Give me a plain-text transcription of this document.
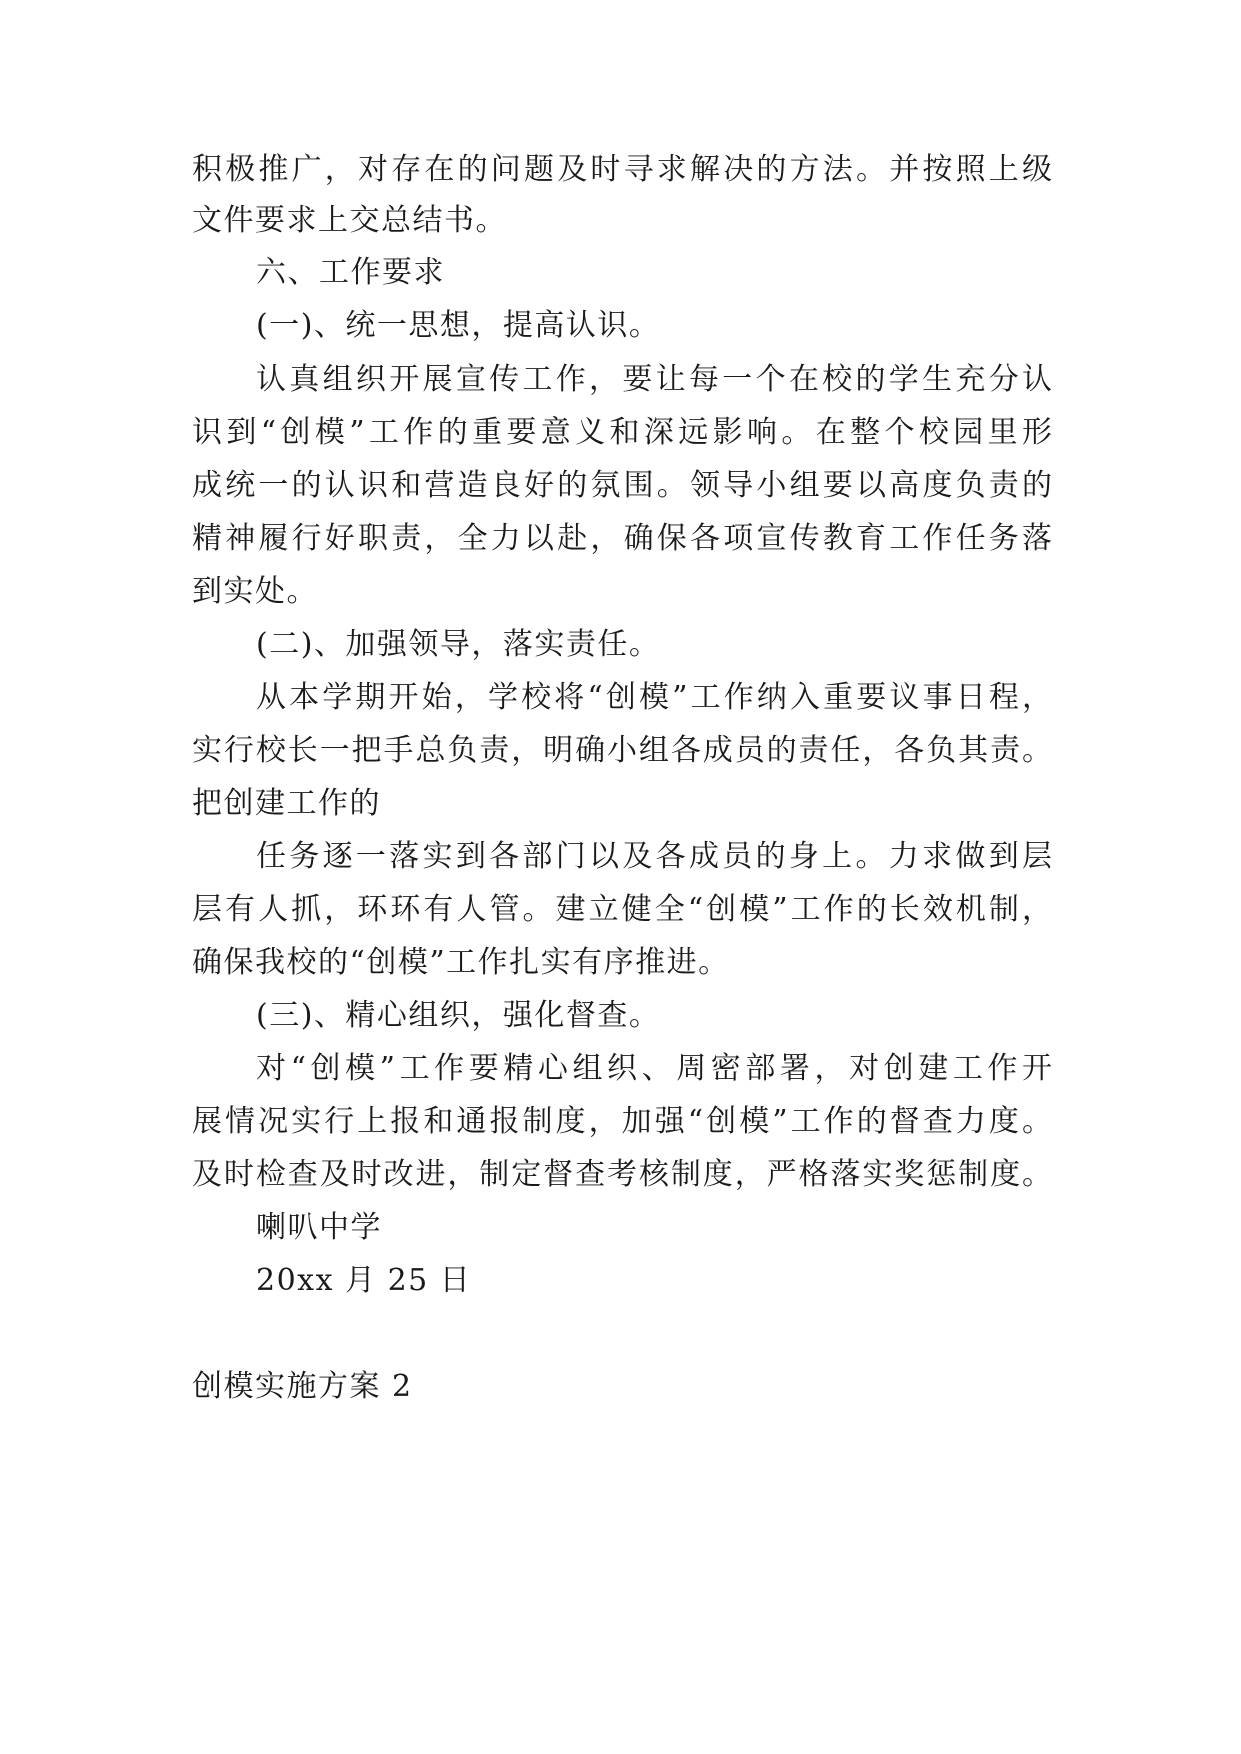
积极推广，对存在的问题及时寻求解决的方法。并按照上级
文件要求上交总结书。
六、工作要求
(一)、统一思想，提高认识。
认真组织开展宣传工作，要让每一个在校的学生充分认
识到“创模”工作的重要意义和深远影响。在整个校园里形
成统一的认识和营造良好的氛围。领导小组要以高度负责的
精神履行好职责，全力以赴，确保各项宣传教育工作任务落
到实处。
(二)、加强领导，落实责任。
从本学期开始，学校将“创模”工作纳入重要议事日程，
实行校长一把手总负责，明确小组各成员的责任，各负其责。
把创建工作的
任务逐一落实到各部门以及各成员的身上。力求做到层
层有人抓，环环有人管。建立健全“创模”工作的长效机制，
确保我校的“创模”工作扎实有序推进。
(三)、精心组织，强化督查。
对“创模”工作要精心组织、周密部署，对创建工作开
展情况实行上报和通报制度，加强“创模”工作的督查力度。
及时检查及时改进，制定督查考核制度，严格落实奖惩制度。
喇叭中学
20xx 月 25 日
创模实施方案 2
